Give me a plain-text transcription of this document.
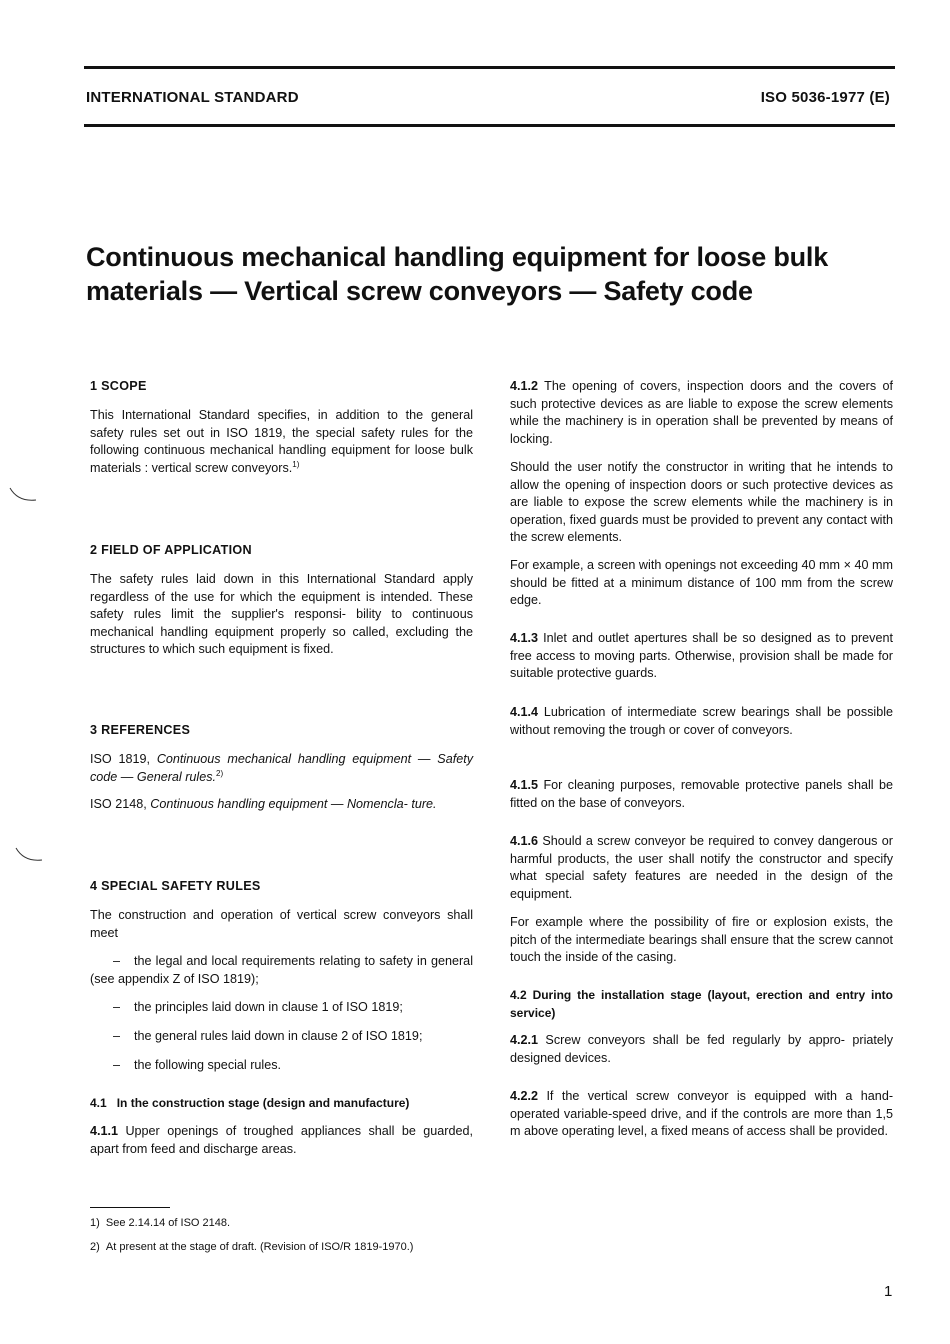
INTERNATIONAL STANDARD	ISO 5036-1977 (E)
Continuous mechanical handling equipment for loose bulk
materials — Vertical screw conveyors — Safety code
1 SCOPE
This International Standard specifies, in addition to the general safety rules set out in ISO 1819, the special safety rules for the following continuous mechanical handling equipment for loose bulk materials : vertical screw conveyors.$^{1)}$
2 FIELD OF APPLICATION
The safety rules laid down in this International Standard apply regardless of the use for which the equipment is intended. These safety rules limit the supplier's responsi- bility to continuous mechanical handling equipment properly so called, excluding the structures to which such equipment is fixed.
3 REFERENCES
ISO 1819, Continuous mechanical handling equipment — Safety code — General rules.$^{2)}$
ISO 2148, Continuous handling equipment — Nomencla- ture.
4 SPECIAL SAFETY RULES
The construction and operation of vertical screw conveyors shall meet
–	the legal and local requirements relating to safety in general (see appendix Z of ISO 1819);
–	the principles laid down in clause 1 of ISO 1819;
–	the general rules laid down in clause 2 of ISO 1819;
–	the following special rules.
4.1 In the construction stage (design and manufacture)
4.1.1 Upper openings of troughed appliances shall be guarded, apart from feed and discharge areas.
4.1.2 The opening of covers, inspection doors and the covers of such protective devices as are liable to expose the screw elements while the machinery is in operation shall be prevented by means of locking.
Should the user notify the constructor in writing that he intends to allow the opening of inspection doors or such protective devices as are liable to expose the screw elements while the machinery is in operation, fixed guards must be provided to prevent any contact with the screw elements.
For example, a screen with openings not exceeding 40 mm × 40 mm should be fitted at a minimum distance of 100 mm from the screw edge.
4.1.3 Inlet and outlet apertures shall be so designed as to prevent free access to moving parts. Otherwise, provision shall be made for suitable protective guards.
4.1.4 Lubrication of intermediate screw bearings shall be possible without removing the trough or cover of conveyors.
4.1.5 For cleaning purposes, removable protective panels shall be fitted on the base of conveyors.
4.1.6 Should a screw conveyor be required to convey dangerous or harmful products, the user shall notify the constructor and specify what special safety features are needed in the design of the equipment.
For example where the possibility of fire or explosion exists, the pitch of the intermediate bearings shall ensure that the screw cannot touch the inside of the casing.
4.2 During the installation stage (layout, erection and entry into service)
4.2.1 Screw conveyors shall be fed regularly by appro- priately designed devices.
4.2.2 If the vertical screw conveyor is equipped with a hand-operated variable-speed drive, and if the controls are more than 1,5 m above operating level, a fixed means of access shall be provided.
1) See 2.14.14 of ISO 2148.
2) At present at the stage of draft. (Revision of ISO/R 1819-1970.)
1
